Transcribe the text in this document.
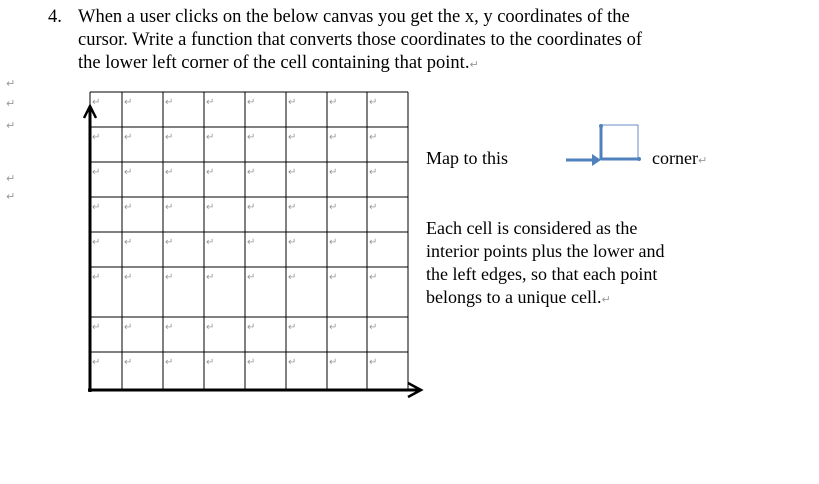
4. When a user clicks on the below canvas you get the x, y coordinates of the
cursor. Write a function that converts those coordinates to the coordinates of
the lower left corner of the cell containing that point.↵
↵
↵
↵
↵
↵
↵ ↵	↵	↵	↵	↵	↵	↵
↵ ↵	↵	↵	↵	↵	↵	↵
↵ ↵	↵	↵	↵	↵	↵	↵
↵ ↵	↵	↵	↵	↵	↵	↵
↵ ↵	↵	↵	↵	↵	↵	↵
↵ ↵	↵	↵	↵	↵	↵	↵
↵ ↵	↵	↵	↵	↵	↵	↵
↵ ↵	↵	↵	↵	↵	↵	↵
Map to this	corner↵
Each cell is considered as the
interior points plus the lower and
the left edges, so that each point
belongs to a unique cell.↵
